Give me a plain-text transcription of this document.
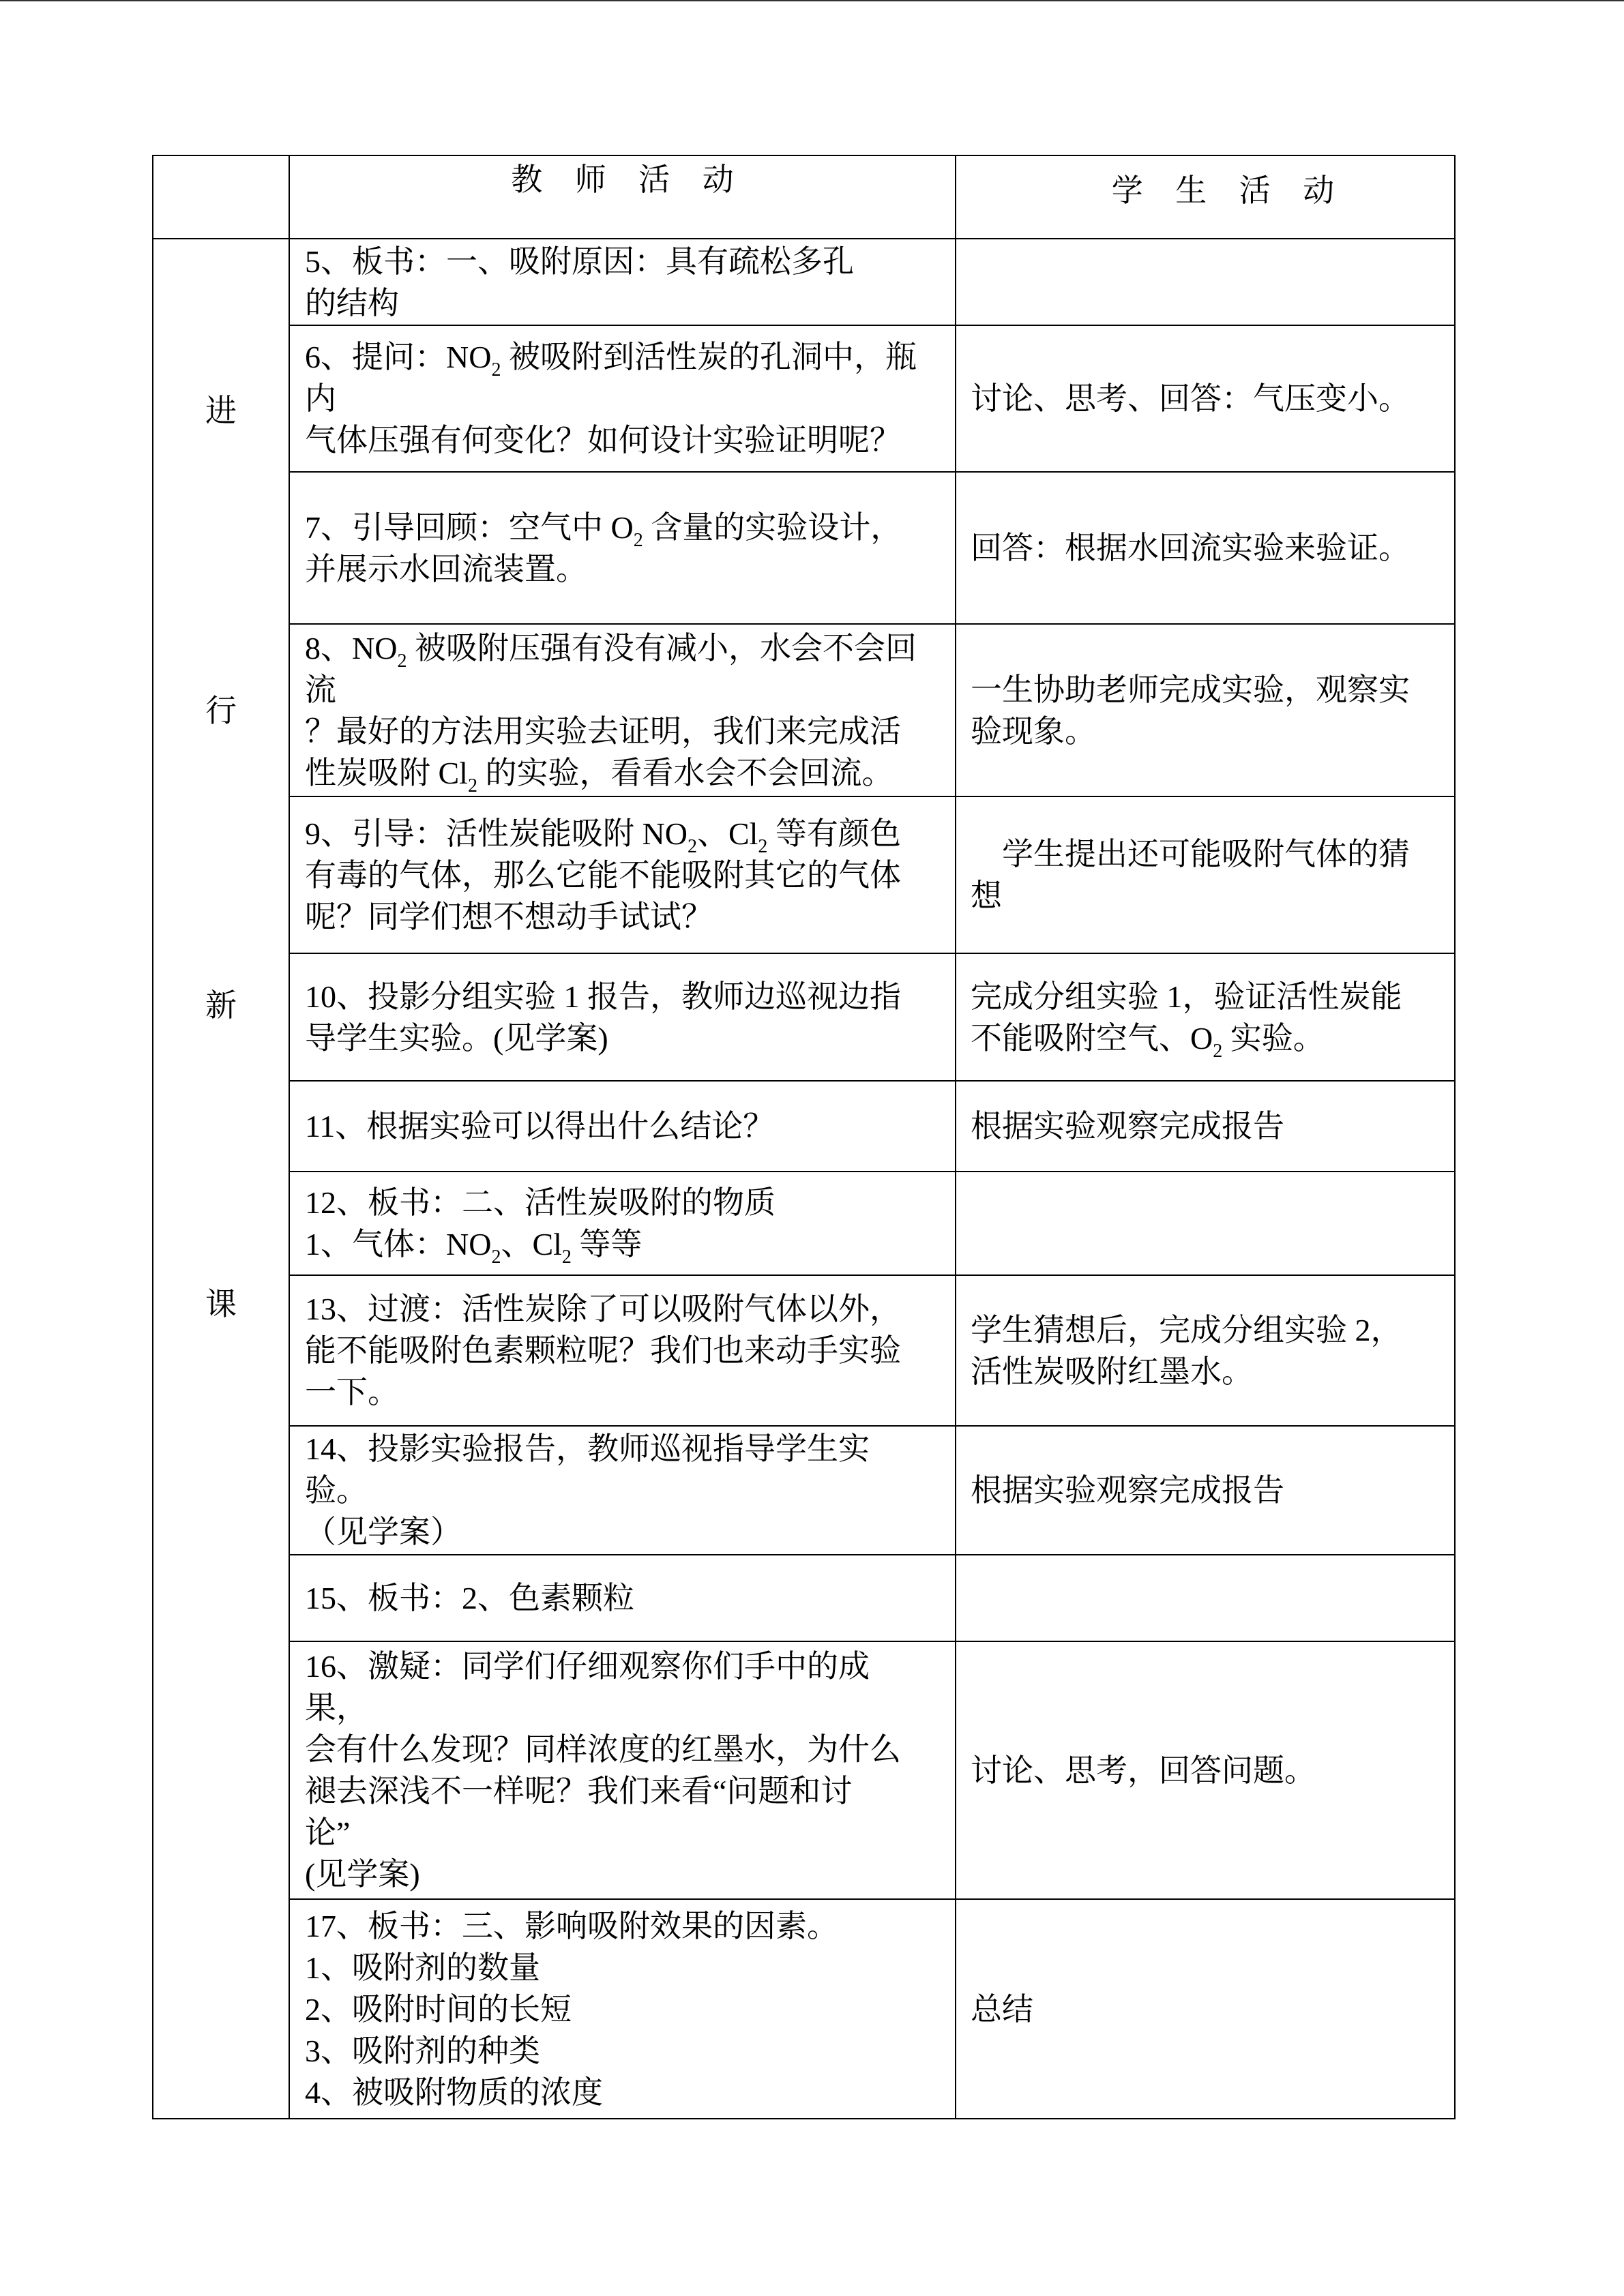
教 师 活 动	学 生 活 动
进
行
新
课
5、板书：一、吸附原因：具有疏松多孔
的结构
6、提问：$NO_2$ 被吸附到活性炭的孔洞中，瓶
内
气体压强有何变化？如何设计实验证明呢？
讨论、思考、回答：气压变小。
7、引导回顾：空气中 $O_2$ 含量的实验设计，
并展示水回流装置。
回答：根据水回流实验来验证。
8、$NO_2$ 被吸附压强有没有减小，水会不会回
流
？最好的方法用实验去证明，我们来完成活
性炭吸附 $Cl_2$ 的实验，看看水会不会回流。
一生协助老师完成实验，观察实
验现象。
9、引导：活性炭能吸附 $NO_2$、$Cl_2$ 等有颜色
有毒的气体，那么它能不能吸附其它的气体
呢？同学们想不想动手试试？
　学生提出还可能吸附气体的猜
想
10、投影分组实验 1 报告，教师边巡视边指
导学生实验。(见学案)
完成分组实验 1，验证活性炭能
不能吸附空气、$O_2$ 实验。
11、根据实验可以得出什么结论？	根据实验观察完成报告
12、板书：二、活性炭吸附的物质
1、气体：$NO_2$、$Cl_2$ 等等
13、过渡：活性炭除了可以吸附气体以外，
能不能吸附色素颗粒呢？我们也来动手实验
一下。
学生猜想后，完成分组实验 2，
活性炭吸附红墨水。
14、投影实验报告，教师巡视指导学生实
验。
（见学案）
根据实验观察完成报告
15、板书：2、色素颗粒
16、激疑：同学们仔细观察你们手中的成
果，
会有什么发现？同样浓度的红墨水，为什么
褪去深浅不一样呢？我们来看“问题和讨
论”
(见学案)
讨论、思考，回答问题。
17、板书：三、影响吸附效果的因素。
1、吸附剂的数量
2、吸附时间的长短
3、吸附剂的种类
4、被吸附物质的浓度
总结
